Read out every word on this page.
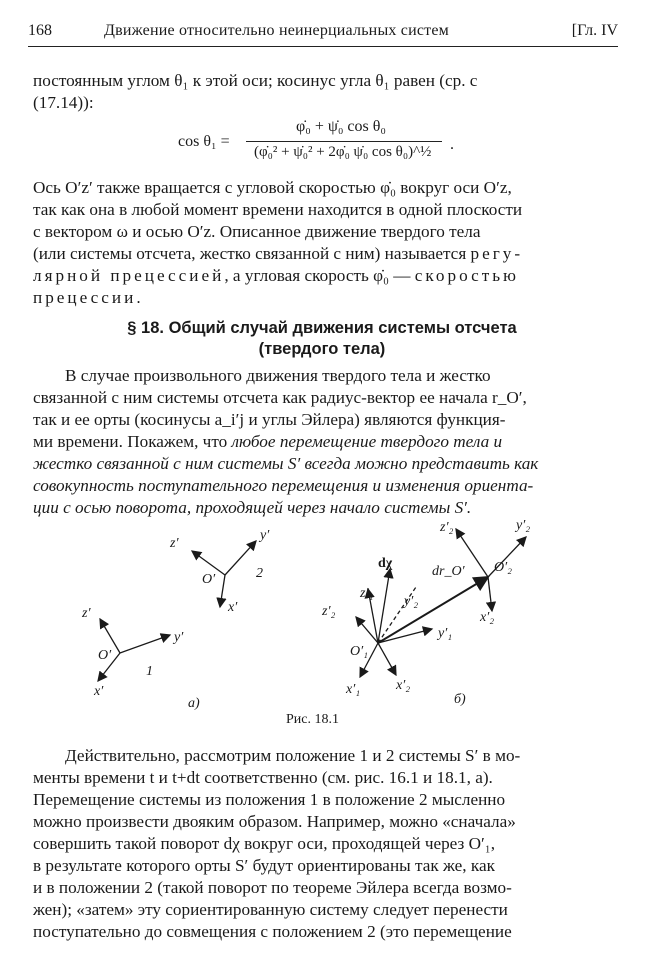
168	Движение относительно неинерциальных систем	[Гл. IV

постоянным углом θ₁ к этой оси; косинус угла θ₁ равен (ср. с

(17.14)):

cos θ₁ =
φ̇₀ + ψ̇₀ cos θ₀
(φ̇₀² + ψ̇₀² + 2φ̇₀ ψ̇₀ cos θ₀)^½ .

Ось O′z′ также вращается с угловой скоростью φ̇₀ вокруг оси O′z,

так как она в любой момент времени находится в одной плоскости

с вектором ω и осью O′z. Описанное движение твердого тела

(или системы отсчета, жестко связанной с ним) называется регу-

лярной прецессией, а угловая скорость φ̇₀ — скоростью

прецессии.

§ 18. Общий случай движения системы отсчета
(твердого тела)

В случае произвольного движения твердого тела и жестко

связанной с ним системы отсчета как радиус-вектор ее начала r_O′,

так и ее орты (косинусы a_i′j и углы Эйлера) являются функция-

ми времени. Покажем, что любое перемещение твердого тела и

жестко связанной с ним системы S′ всегда можно представить как

совокупность поступательного перемещения и изменения ориента-

ции с осью поворота, проходящей через начало системы S′.

z′
y′
O′
x′
2
z′
y′
O′
x′
1
а)
dχ
dr_O′
z′₂	y′₂
O′₂
x′₂
z′₁
y′₂
z′₂
y′₁
O′₁
x′₁	x′₂
б)
Рис. 18.1

Действительно, рассмотрим положение 1 и 2 системы S′ в мо-

менты времени t и t+dt соответственно (см. рис. 16.1 и 18.1, а).

Перемещение системы из положения 1 в положение 2 мысленно

можно произвести двояким образом. Например, можно «сначала»

совершить такой поворот dχ вокруг оси, проходящей через O′₁,

в результате которого орты S′ будут ориентированы так же, как

и в положении 2 (такой поворот по теореме Эйлера всегда возмо-

жен); «затем» эту сориентированную систему следует перенести

поступательно до совмещения с положением 2 (это перемещение
